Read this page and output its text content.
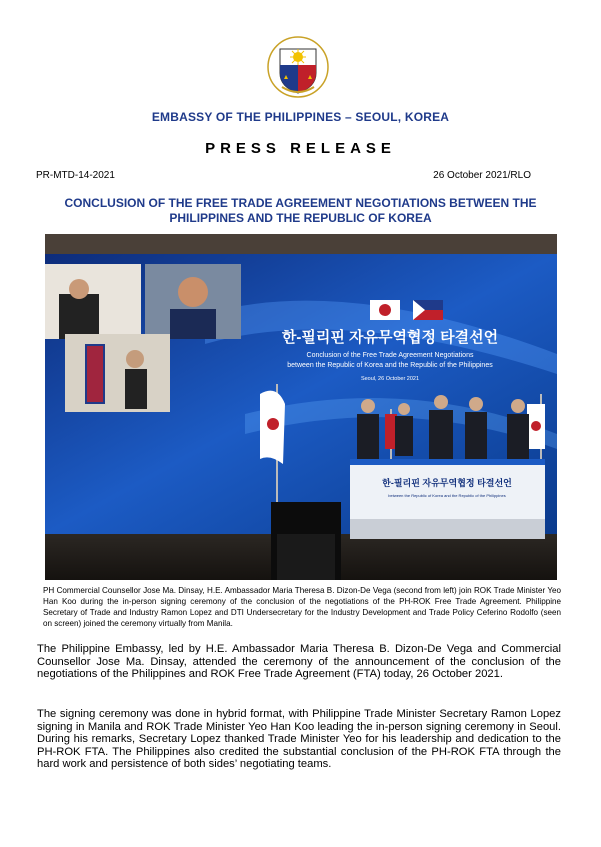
EMBASSY OF THE PHILIPPINES – SEOUL, KOREA
PRESS RELEASE
PR-MTD-14-2021	26 October 2021/RLO
CONCLUSION OF THE FREE TRADE AGREEMENT NEGOTIATIONS BETWEEN THE PHILIPPINES AND THE REPUBLIC OF KOREA
한-필리핀 자유무역협정 타결선언
Conclusion of the Free Trade Agreement Negotiations
between the Republic of Korea and the Republic of the Philippines
Seoul, 26 October 2021
한-필리핀 자유무역협정 타결선언
between the Republic of Korea and the Republic of the Philippines
PH Commercial Counsellor Jose Ma. Dinsay, H.E. Ambassador Maria Theresa B. Dizon-De Vega (second from left) join ROK Trade Minister Yeo Han Koo during the in-person signing ceremony of the conclusion of the negotiations of the PH-ROK Free Trade Agreement. Philippine Secretary of Trade and Industry Ramon Lopez and DTI Undersecretary for the Industry Development and Trade Policy Ceferino Rodolfo (seen on screen) joined the ceremony virtually from Manila.
The Philippine Embassy, led by H.E. Ambassador Maria Theresa B. Dizon-De Vega and Commercial Counsellor Jose Ma. Dinsay, attended the ceremony of the announcement of the conclusion of the negotiations of the Philippines and ROK Free Trade Agreement (FTA) today, 26 October 2021.
The signing ceremony was done in hybrid format, with Philippine Trade Minister Secretary Ramon Lopez signing in Manila and ROK Trade Minister Yeo Han Koo leading the in-person signing ceremony in Seoul. During his remarks, Secretary Lopez thanked Trade Minister Yeo for his leadership and dedication to the PH-ROK FTA. The Philippines also credited the substantial conclusion of the PH-ROK FTA through the hard work and persistence of both sides’ negotiating teams.
